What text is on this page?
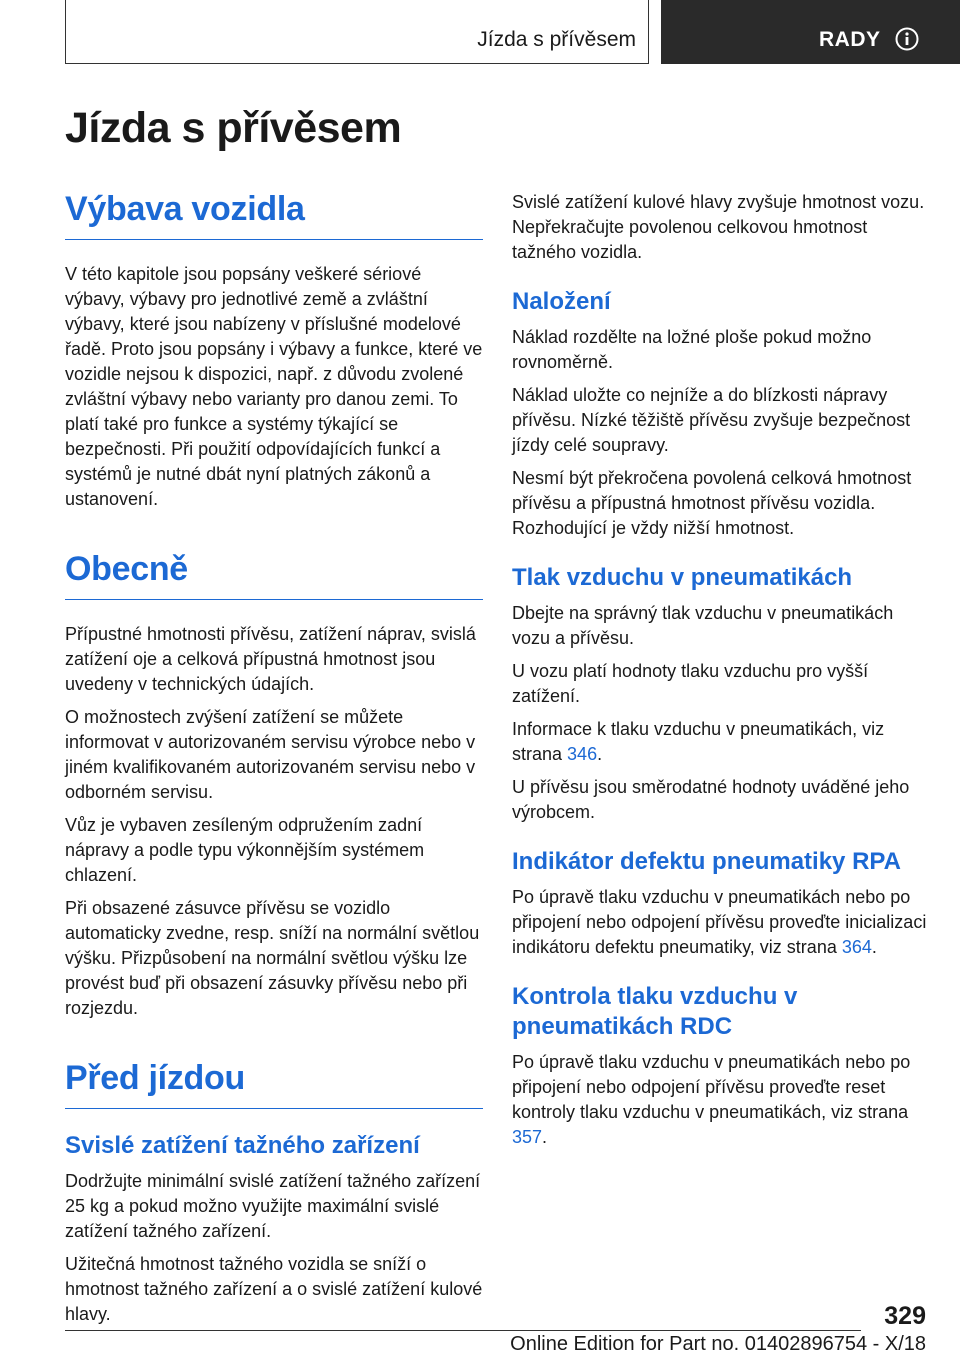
Jízda s přívěsem	RADY
Jízda s přívěsem
Výbava vozidla

V této kapitole jsou popsány veškeré sériové výbavy, výbavy pro jednotlivé země a zvláštní výbavy, které jsou nabízeny v příslušné modelové řadě. Proto jsou popsány i výbavy a funkce, které ve vozidle nejsou k dispozici, např. z důvodu zvolené zvláštní výbavy nebo varianty pro danou zemi. To platí také pro funkce a systémy týkající se bezpečnosti. Při použití odpovídajících funkcí a systémů je nutné dbát nyní platných zákonů a ustanovení.

Obecně

Přípustné hmotnosti přívěsu, zatížení náprav, svislá zatížení oje a celková přípustná hmotnost jsou uvedeny v technických údajích.

O možnostech zvýšení zatížení se můžete informovat v autorizovaném servisu výrobce nebo v jiném kvalifikovaném autorizovaném servisu nebo v odborném servisu.

Vůz je vybaven zesíleným odpružením zadní nápravy a podle typu výkonnějším systémem chlazení.

Při obsazené zásuvce přívěsu se vozidlo automaticky zvedne, resp. sníží na normální světlou výšku. Přizpůsobení na normální světlou výšku lze provést buď při obsazení zásuvky přívěsu nebo při rozjezdu.

Před jízdou
Svislé zatížení tažného zařízení

Dodržujte minimální svislé zatížení tažného zařízení 25 kg a pokud možno využijte maximální svislé zatížení tažného zařízení.

Užitečná hmotnost tažného vozidla se sníží o hmotnost tažného zařízení a o svislé zatížení kulové hlavy.

Svislé zatížení kulové hlavy zvyšuje hmotnost vozu. Nepřekračujte povolenou celkovou hmotnost tažného vozidla.

Naložení

Náklad rozdělte na ložné ploše pokud možno rovnoměrně.

Náklad uložte co nejníže a do blízkosti nápravy přívěsu. Nízké těžiště přívěsu zvyšuje bezpečnost jízdy celé soupravy.

Nesmí být překročena povolená celková hmotnost přívěsu a přípustná hmotnost přívěsu vozidla. Rozhodující je vždy nižší hmotnost.

Tlak vzduchu v pneumatikách

Dbejte na správný tlak vzduchu v pneumatikách vozu a přívěsu.

U vozu platí hodnoty tlaku vzduchu pro vyšší zatížení.

Informace k tlaku vzduchu v pneumatikách, viz strana 346.

U přívěsu jsou směrodatné hodnoty uváděné jeho výrobcem.

Indikátor defektu pneumatiky RPA

Po úpravě tlaku vzduchu v pneumatikách nebo po připojení nebo odpojení přívěsu proveďte inicializaci indikátoru defektu pneumatiky, viz strana 364.

Kontrola tlaku vzduchu v pneumatikách RDC

Po úpravě tlaku vzduchu v pneumatikách nebo po připojení nebo odpojení přívěsu proveďte reset kontroly tlaku vzduchu v pneumatikách, viz strana 357.

329
Online Edition for Part no. 01402896754 - X/18
